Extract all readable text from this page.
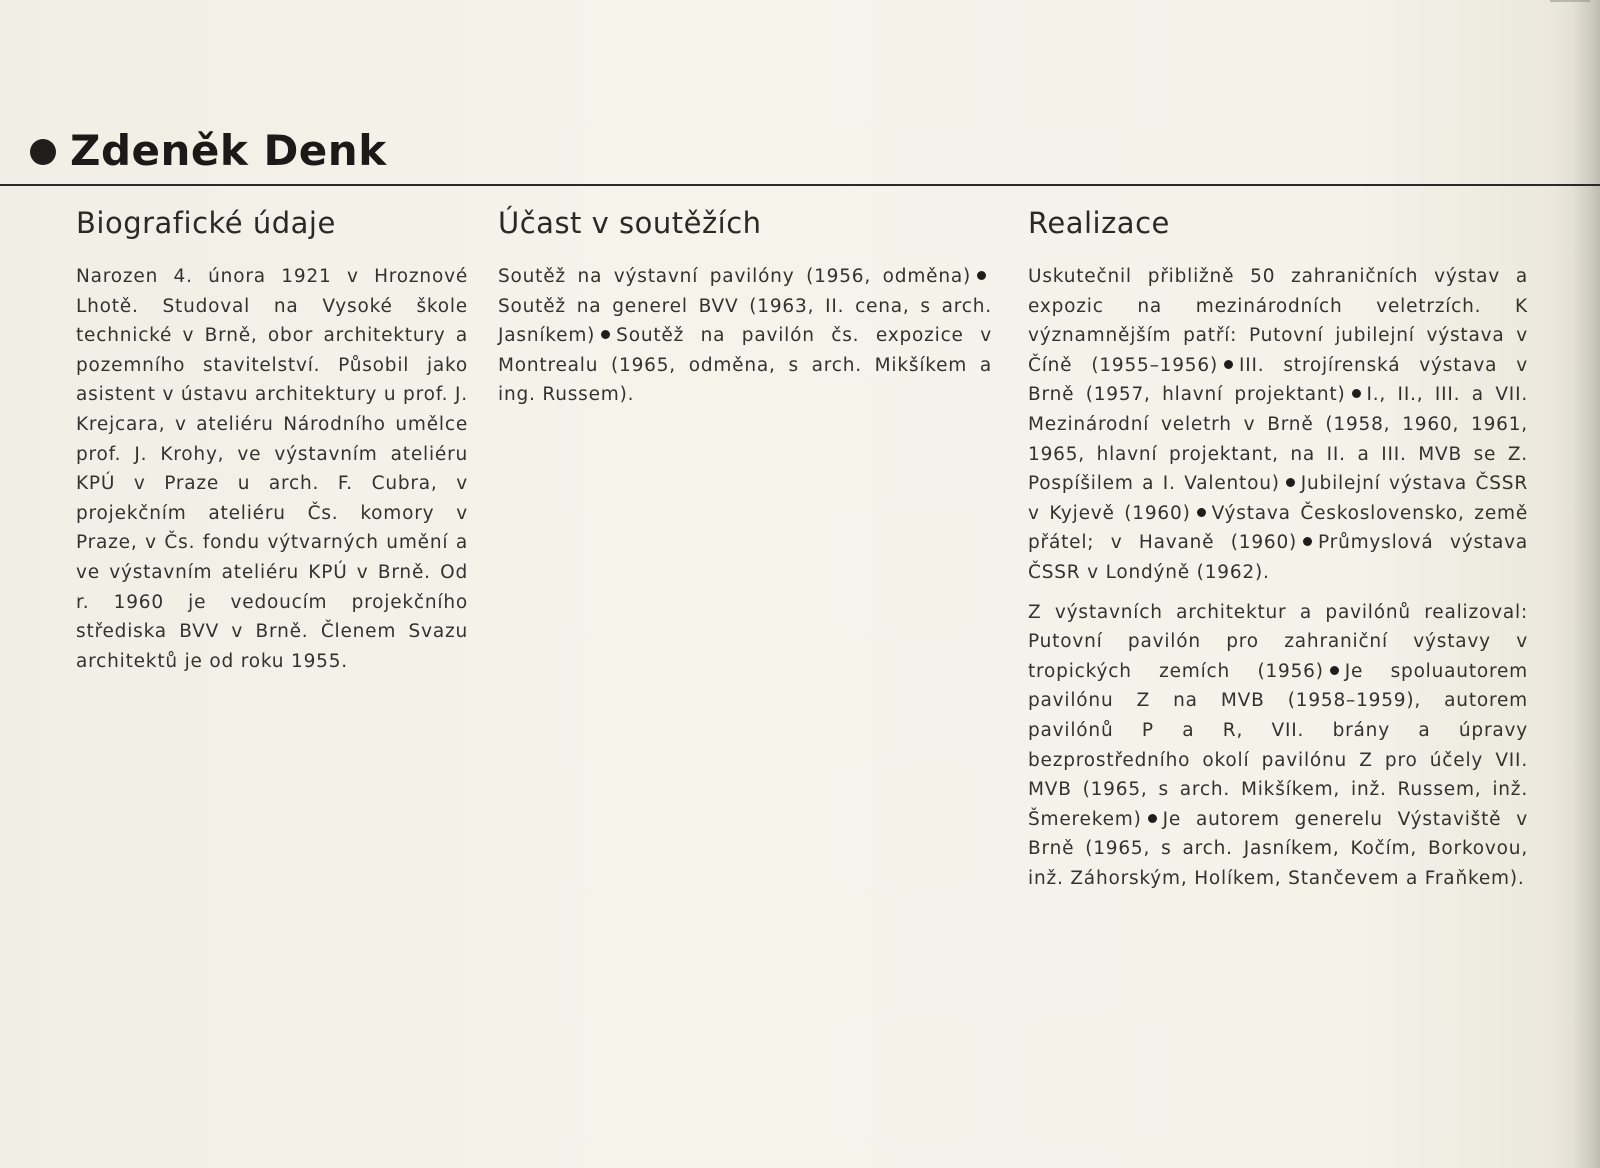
Zdeněk Denk
Biografické údaje

Narozen 4. února 1921 v Hroznové Lhotě. Studoval na Vysoké škole technické v Brně, obor architektury a pozemního stavitelství. Působil jako asistent v ústavu architektury u prof. J. Krejcara, v ateliéru Národního umělce prof. J. Krohy, ve výstavním ateliéru KPÚ v Praze u arch. F. Cubra, v projekčním ateliéru Čs. komory v Praze, v Čs. fondu výtvarných umění a ve výstavním ateliéru KPÚ v Brně. Od r. 1960 je vedoucím projekčního střediska BVV v Brně. Členem Svazu architektů je od roku 1955.

Účast v soutěžích

Soutěž na výstavní pavilóny (1956, odměna)Soutěž na generel BVV (1963, II. cena, s arch. Jasníkem) Soutěž na pavilón čs. expozice v Montrealu (1965, odměna, s arch. Mikšíkem a ing. Russem).

Realizace

Uskutečnil přibližně 50 zahraničních výstav a expozic na mezinárodních veletrzích. K významnějším patří: Putovní jubilejní výstava v Číně (1955–1956) III. strojírenská výstava v Brně (1957, hlavní projektant) I., II., III. a VII. Mezinárodní veletrh v Brně (1958, 1960, 1961, 1965, hlavní projektant, na II. a III. MVB se Z. Pospíšilem a I. Valentou) Jubilejní výstava ČSSR v Kyjevě (1960) Výstava Československo, země přátel; v Havaně (1960) Průmyslová výstava ČSSR v Londýně (1962).

Z výstavních architektur a pavilónů realizoval: Putovní pavilón pro zahraniční výstavy v tropických zemích (1956) Je spoluautorem pavilónu Z na MVB (1958–1959), autorem pavilónů P a R, VII. brány a úpravy bezprostředního okolí pavilónu Z pro účely VII. MVB (1965, s arch. Mikšíkem, inž. Russem, inž. Šmerekem) Je autorem generelu Výstaviště v Brně (1965, s arch. Jasníkem, Kočím, Borkovou, inž. Záhorským, Holíkem, Stančevem a Fraňkem).
